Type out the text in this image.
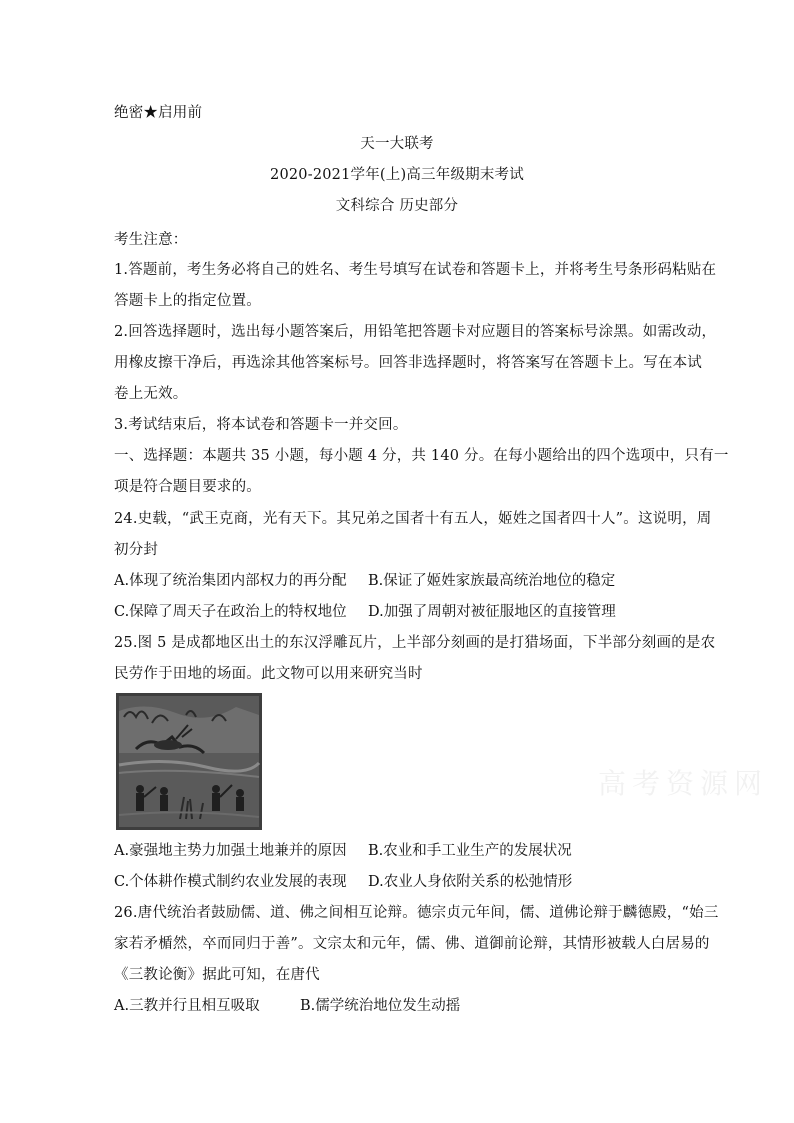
绝密★启用前
天一大联考
2020-2021学年(上)高三年级期末考试
文科综合 历史部分
考生注意：
1.答题前，考生务必将自己的姓名、考生号填写在试卷和答题卡上，并将考生号条形码粘贴在
答题卡上的指定位置。
2.回答选择题时，选出每小题答案后，用铅笔把答题卡对应题目的答案标号涂黑。如需改动，
用橡皮擦干净后，再选涂其他答案标号。回答非选择题时，将答案写在答题卡上。写在本试
卷上无效。
3.考试结束后，将本试卷和答题卡一并交回。
一、选择题：本题共 35 小题，每小题 4 分，共 140 分。在每小题给出的四个选项中，只有一
项是符合题目要求的。
24.史载，“武王克商，光有天下。其兄弟之国者十有五人，姬姓之国者四十人”。这说明，周
初分封
A.体现了统治集团内部权力的再分配 B.保证了姬姓家族最高统治地位的稳定
C.保障了周天子在政治上的特权地位 D.加强了周朝对被征服地区的直接管理
25.图 5 是成都地区出土的东汉浮雕瓦片，上半部分刻画的是打猎场面，下半部分刻画的是农
民劳作于田地的场面。此文物可以用来研究当时
高考资源网
A.豪强地主势力加强土地兼并的原因 B.农业和手工业生产的发展状况
C.个体耕作模式制约农业发展的表现 D.农业人身依附关系的松弛情形
26.唐代统治者鼓励儒、道、佛之间相互论辩。德宗贞元年间，儒、道佛论辩于麟德殿，“始三
家若矛楯然，卒而同归于善”。文宗太和元年，儒、佛、道御前论辩，其情形被载人白居易的
《三教论衡》据此可知，在唐代
A.三教并行且相互吸取	B.儒学统治地位发生动摇
